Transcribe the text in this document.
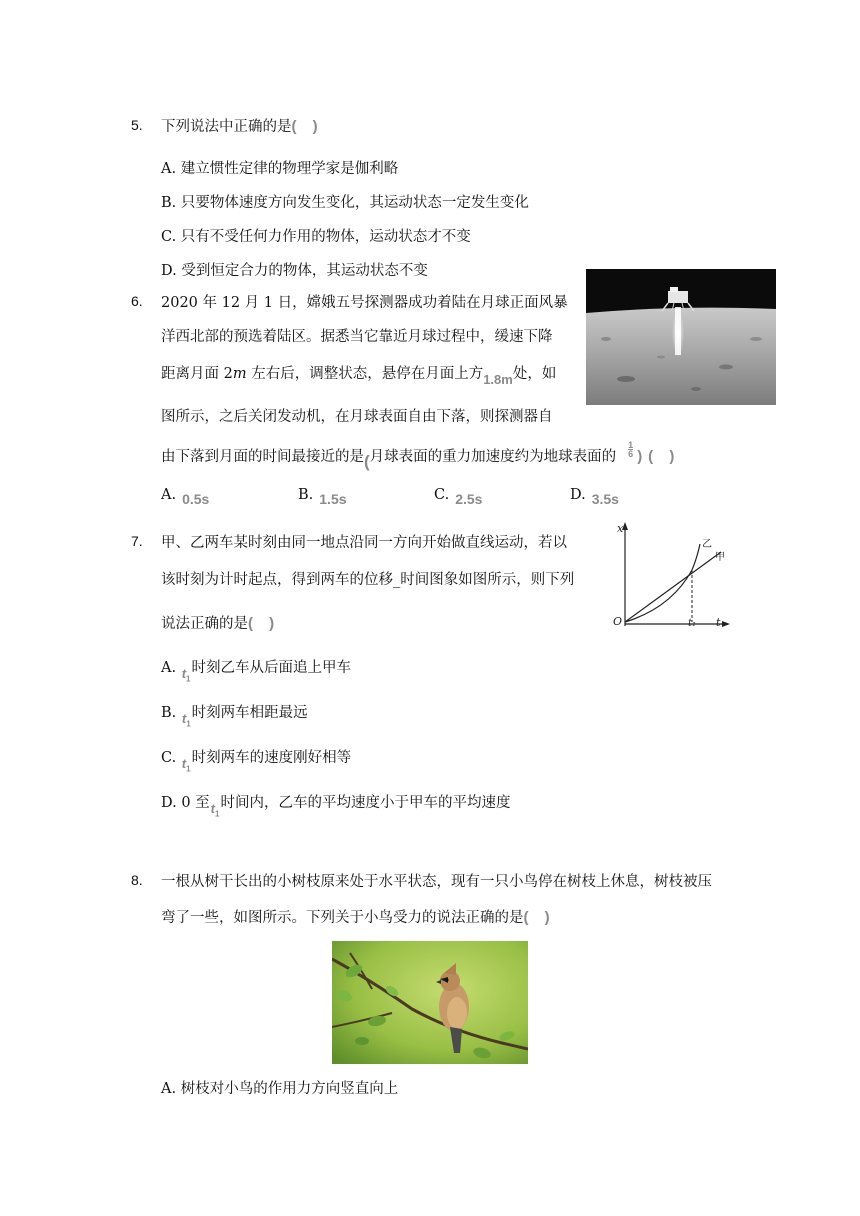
5. 下列说法中正确的是( )
A. 建立惯性定律的物理学家是伽利略
B. 只要物体速度方向发生变化，其运动状态一定发生变化
C. 只有不受任何力作用的物体，运动状态才不变
D. 受到恒定合力的物体，其运动状态不变
6. 2020 年 12 月 1 日，嫦娥五号探测器成功着陆在月球正面风暴
洋西北部的预选着陆区。据悉当它靠近月球过程中，缓速下降
距离月面 2m 左右后，调整状态，悬停在月面上方1.8m处，如
图所示，之后关闭发动机，在月球表面自由下落，则探测器自
由下落到月面的时间最接近的是(月球表面的重力加速度约为地球表面的 $\frac{1}{6}$ )( )
A. 0.5s	B. 1.5s	C. 2.5s	D. 3.5s
7. 甲、乙两车某时刻由同一地点沿同一方向开始做直线运动，若以
该时刻为计时起点，得到两车的位移_时间图象如图所示，则下列
说法正确的是( )
A. $t_1$时刻乙车从后面追上甲车
B. $t_1$时刻两车相距最远
C. $t_1$时刻两车的速度刚好相等
D. 0 至$t_1$时间内，乙车的平均速度小于甲车的平均速度
x
t
O	t₁
乙
甲
8. 一根从树干长出的小树枝原来处于水平状态，现有一只小鸟停在树枝上休息，树枝被压
弯了一些，如图所示。下列关于小鸟受力的说法正确的是( )
A. 树枝对小鸟的作用力方向竖直向上
